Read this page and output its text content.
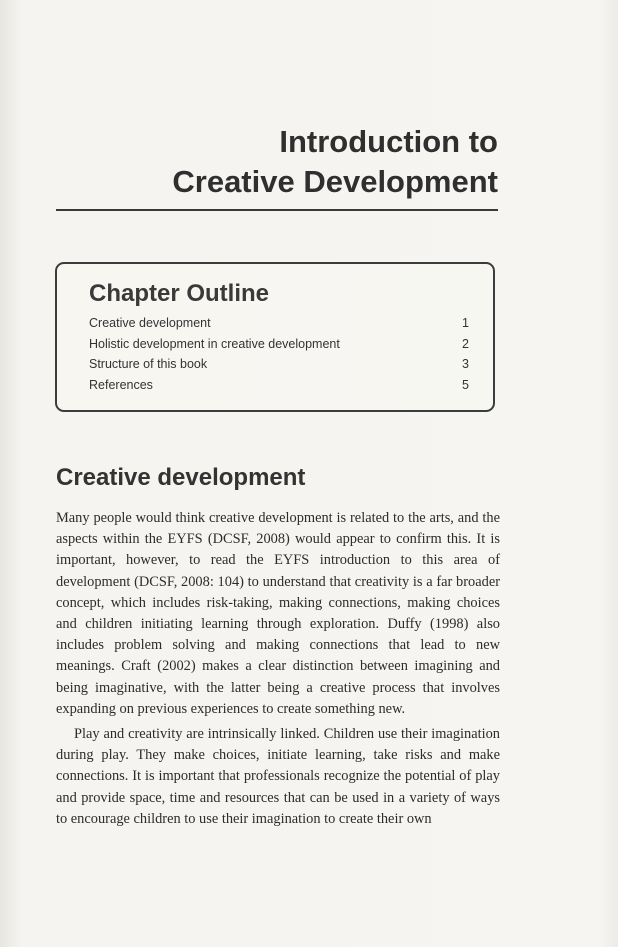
Introduction to
Creative Development
Chapter Outline
Creative development	1
Holistic development in creative development	2
Structure of this book	3
References	5
Creative development

Many people would think creative development is related to the arts, and the aspects within the EYFS (DCSF, 2008) would appear to confirm this. It is important, however, to read the EYFS introduction to this area of development (DCSF, 2008: 104) to understand that creativity is a far broader concept, which includes risk-taking, making connections, making choices and children initiating learning through exploration. Duffy (1998) also includes problem solving and making connections that lead to new meanings. Craft (2002) makes a clear distinction between imagining and being imaginative, with the latter being a creative process that involves expanding on previous experiences to create something new.

Play and creativity are intrinsically linked. Children use their imagination during play. They make choices, initiate learning, take risks and make connections. It is important that professionals recognize the potential of play and provide space, time and resources that can be used in a variety of ways to encourage children to use their imagination to create their own
